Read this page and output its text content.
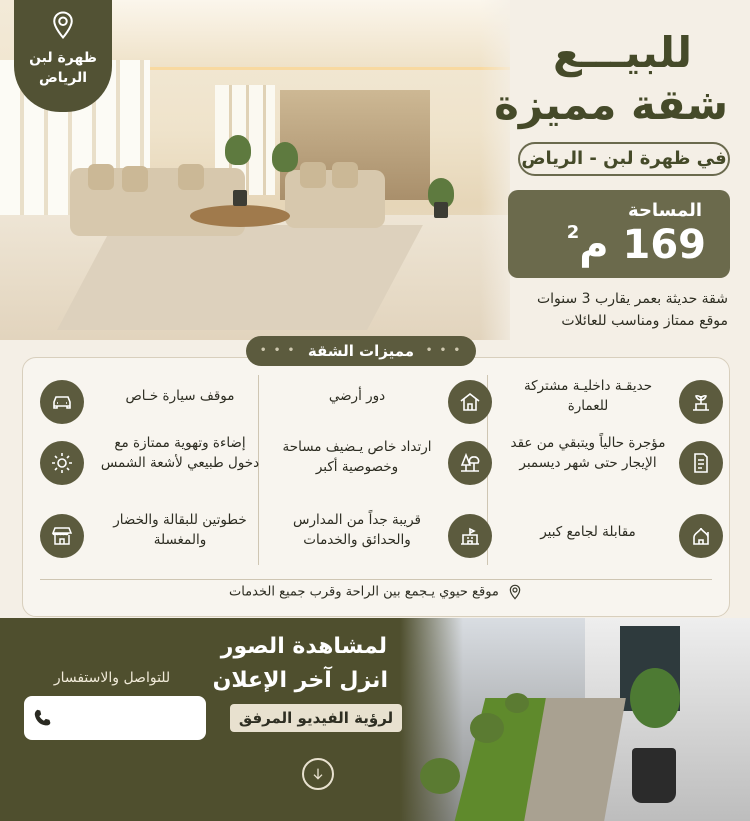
ظهرة لبن
الرياض
للبيـــع
شقة مميزة
في ظهرة لبن - الرياض
المساحة
169 م$^2$
شقة حديثة بعمر يقارب 3 سنوات
موقع ممتاز ومناسب للعائلات
• • •
مميزات الشقة
• • •
حديقـة داخليـة مشتركة للعمارة
مؤجرة حالياً ويتبقي من عقد الإيجار حتى شهر ديسمبر
مقابلة لجامع كبير
دور أرضي
ارتداد خاص يـضيف مساحة وخصوصية أكبر
قريبة جداً من المدارس والحدائق والخدمات
موقف سيارة خـاص
إضاءة وتهوية ممتازة مع دخول طبيعي لأشعة الشمس
خطوتين للبقالة والخضار والمغسلة
موقع حيوي يـجمع بين الراحة وقرب جميع الخدمات
لمشاهدة الصور
انزل آخر الإعلان
لرؤية الفيديو المرفق
للتواصل والاستفسار
